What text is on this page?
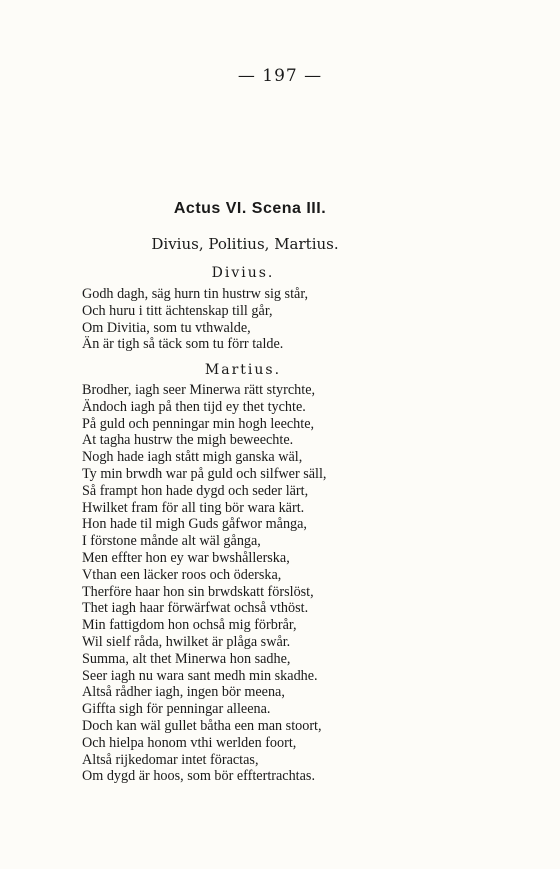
— 197 —
Actus VI. Scena III.
Divius, Politius, Martius.
Divius.
Godh dagh, säg hurn tin hustrw sig står,
Och huru i titt ächtenskap till går,
Om Divitia, som tu vthwalde,
Än är tigh så täck som tu förr talde.
Martius.
Brodher, iagh seer Minerwa rätt styrchte,
Ändoch iagh på then tijd ey thet tychte.
På guld och penningar min hogh leechte,
At tagha hustrw the migh beweechte.
Nogh hade iagh stått migh ganska wäl,
Ty min brwdh war på guld och silfwer säll,
Så frampt hon hade dygd och seder lärt,
Hwilket fram för all ting bör wara kärt.
Hon hade til migh Guds gåfwor många,
I förstone månde alt wäl gånga,
Men effter hon ey war bwshållerska,
Vthan een läcker roos och öderska,
Therföre haar hon sin brwdskatt förslöst,
Thet iagh haar förwärfwat ochså vthöst.
Min fattigdom hon ochså mig förbrår,
Wil sielf råda, hwilket är plåga swår.
Summa, alt thet Minerwa hon sadhe,
Seer iagh nu wara sant medh min skadhe.
Altså rådher iagh, ingen bör meena,
Giffta sigh för penningar alleena.
Doch kan wäl gullet båtha een man stoort,
Och hielpa honom vthi werlden foort,
Altså rijkedomar intet föractas,
Om dygd är hoos, som bör efftertrachtas.
